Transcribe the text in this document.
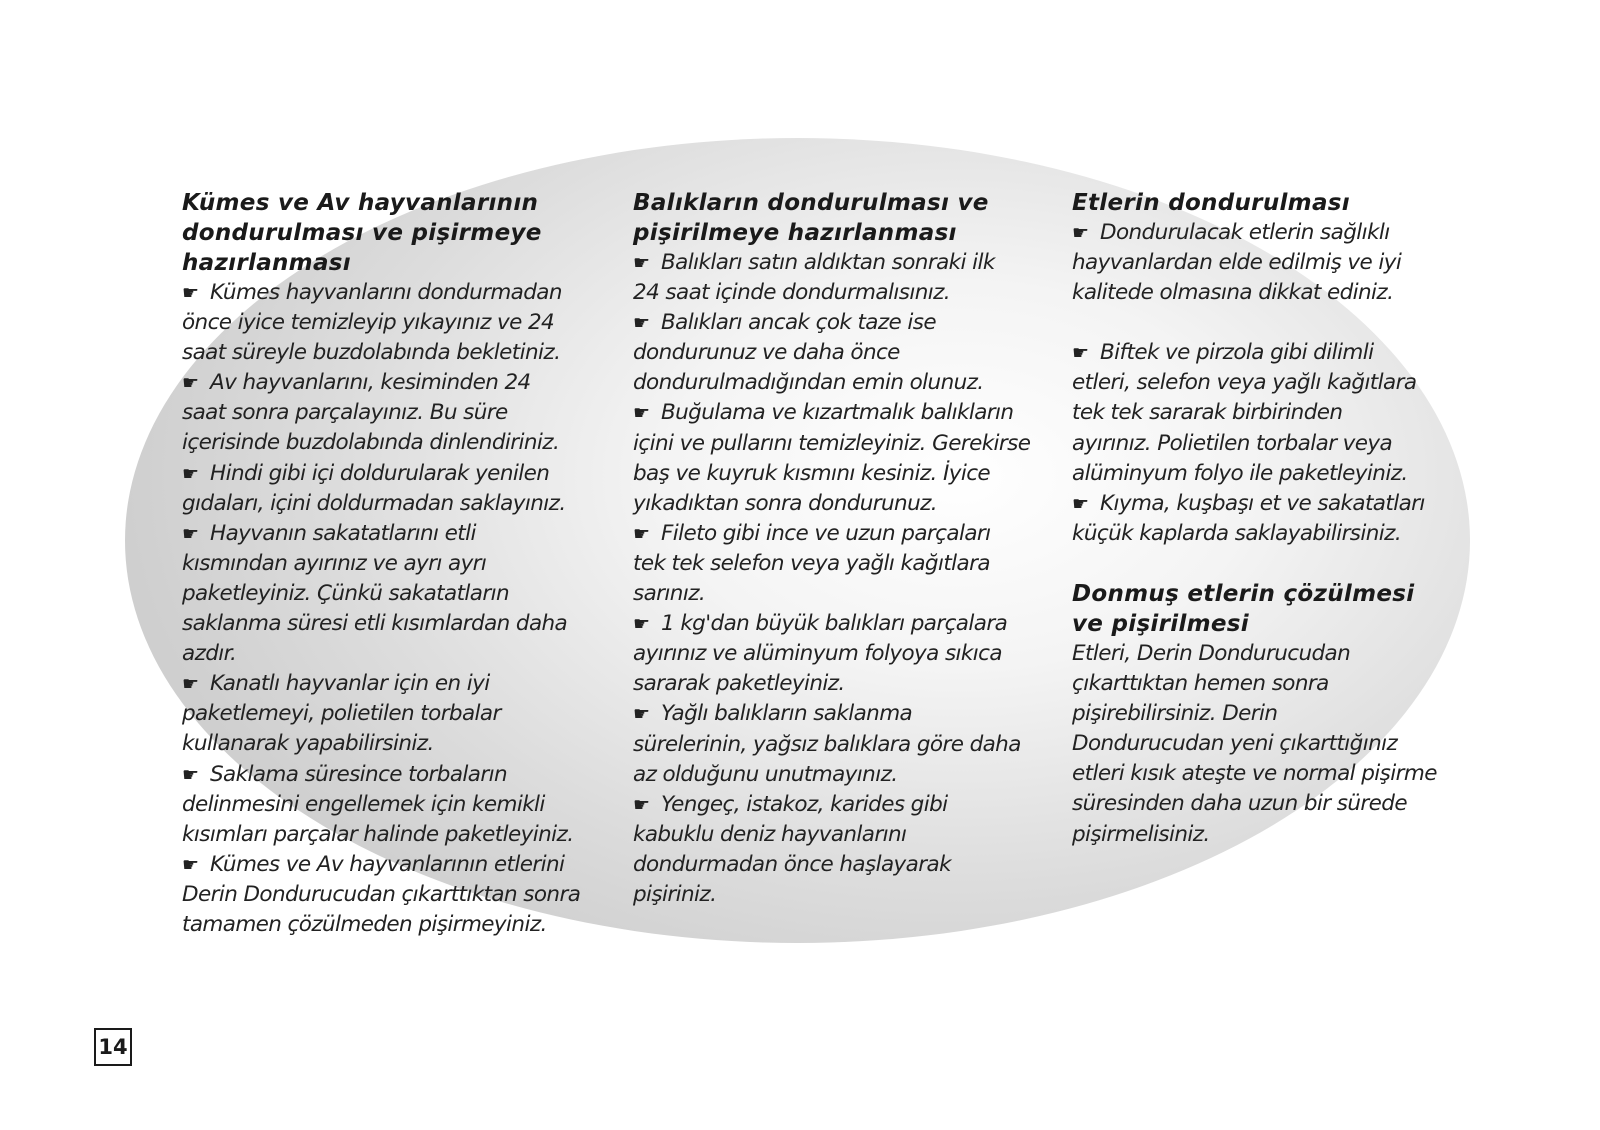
Kümes ve Av hayvanlarının
dondurulması ve pişirmeye
hazırlanması

☛ Kümes hayvanlarını dondurmadan
önce iyice temizleyip yıkayınız ve 24
saat süreyle buzdolabında bekletiniz.

☛ Av hayvanlarını, kesiminden 24
saat sonra parçalayınız. Bu süre
içerisinde buzdolabında dinlendiriniz.

☛ Hindi gibi içi doldurularak yenilen
gıdaları, içini doldurmadan saklayınız.

☛ Hayvanın sakatatlarını etli
kısmından ayırınız ve ayrı ayrı
paketleyiniz. Çünkü sakatatların
saklanma süresi etli kısımlardan daha
azdır.

☛ Kanatlı hayvanlar için en iyi
paketlemeyi, polietilen torbalar
kullanarak yapabilirsiniz.

☛ Saklama süresince torbaların
delinmesini engellemek için kemikli
kısımları parçalar halinde paketleyiniz.

☛ Kümes ve Av hayvanlarının etlerini
Derin Dondurucudan çıkarttıktan sonra
tamamen çözülmeden pişirmeyiniz.

Balıkların dondurulması ve
pişirilmeye hazırlanması

☛ Balıkları satın aldıktan sonraki ilk
24 saat içinde dondurmalısınız.

☛ Balıkları ancak çok taze ise
dondurunuz ve daha önce
dondurulmadığından emin olunuz.

☛ Buğulama ve kızartmalık balıkların
içini ve pullarını temizleyiniz. Gerekirse
baş ve kuyruk kısmını kesiniz. İyice
yıkadıktan sonra dondurunuz.

☛ Fileto gibi ince ve uzun parçaları
tek tek selefon veya yağlı kağıtlara
sarınız.

☛ 1 kg'dan büyük balıkları parçalara
ayırınız ve alüminyum folyoya sıkıca
sararak paketleyiniz.

☛ Yağlı balıkların saklanma
sürelerinin, yağsız balıklara göre daha
az olduğunu unutmayınız.

☛ Yengeç, istakoz, karides gibi
kabuklu deniz hayvanlarını
dondurmadan önce haşlayarak
pişiriniz.

Etlerin dondurulması

☛ Dondurulacak etlerin sağlıklı
hayvanlardan elde edilmiş ve iyi
kalitede olmasına dikkat ediniz.

☛ Biftek ve pirzola gibi dilimli
etleri, selefon veya yağlı kağıtlara
tek tek sararak birbirinden
ayırınız. Polietilen torbalar veya
alüminyum folyo ile paketleyiniz.

☛ Kıyma, kuşbaşı et ve sakatatları
küçük kaplarda saklayabilirsiniz.

Donmuş etlerin çözülmesi
ve pişirilmesi

Etleri, Derin Dondurucudan
çıkarttıktan hemen sonra
pişirebilirsiniz. Derin
Dondurucudan yeni çıkarttığınız
etleri kısık ateşte ve normal pişirme
süresinden daha uzun bir sürede
pişirmelisiniz.

14
